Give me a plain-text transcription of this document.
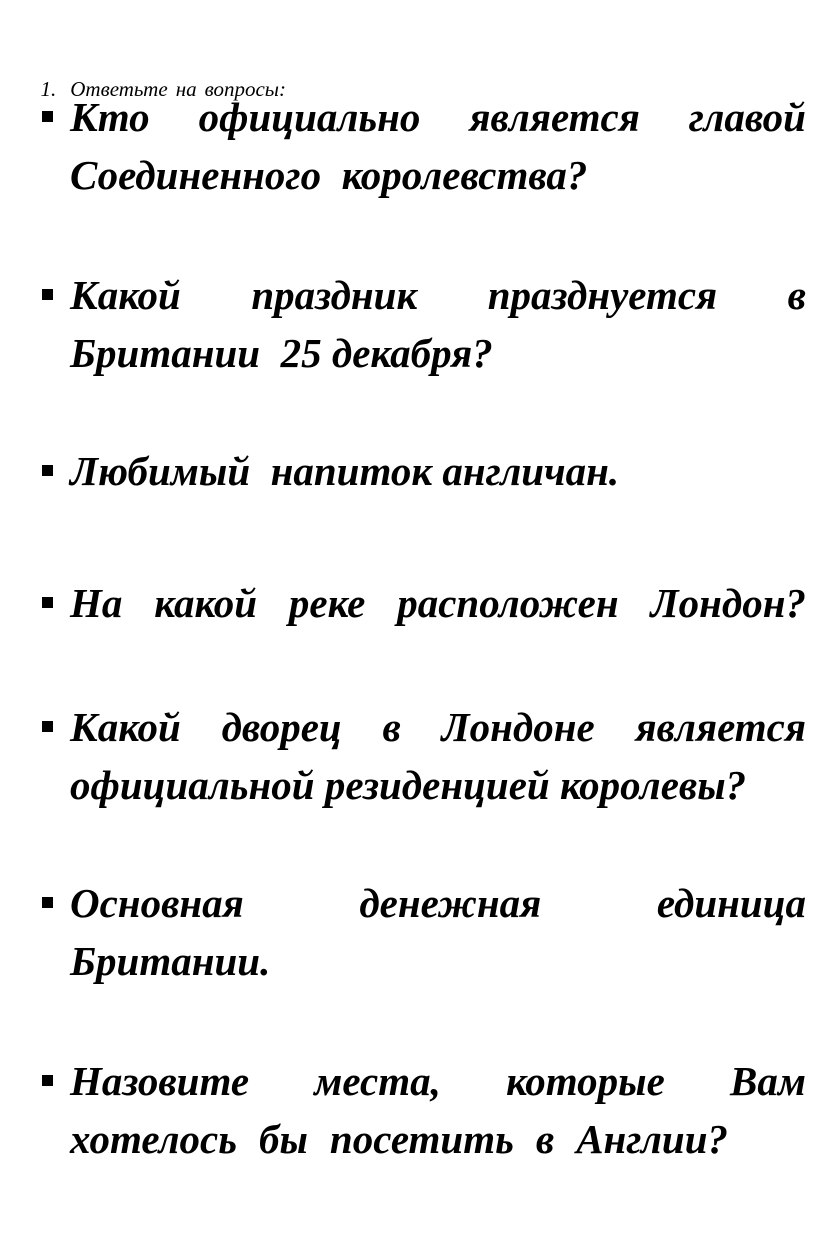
1. Ответьте на вопросы:

Кто официально является главой
Соединенного  королевства?
Какой праздник празднуется в
Британии  25 декабря?
Любимый  напиток англичан.
На какой реке расположен Лондон?
Какой дворец в Лондоне является
официальной резиденцией королевы?
Основная	денежная	единица
Британии.
Назовите места, которые Вам
хотелось бы посетить в Англии?
